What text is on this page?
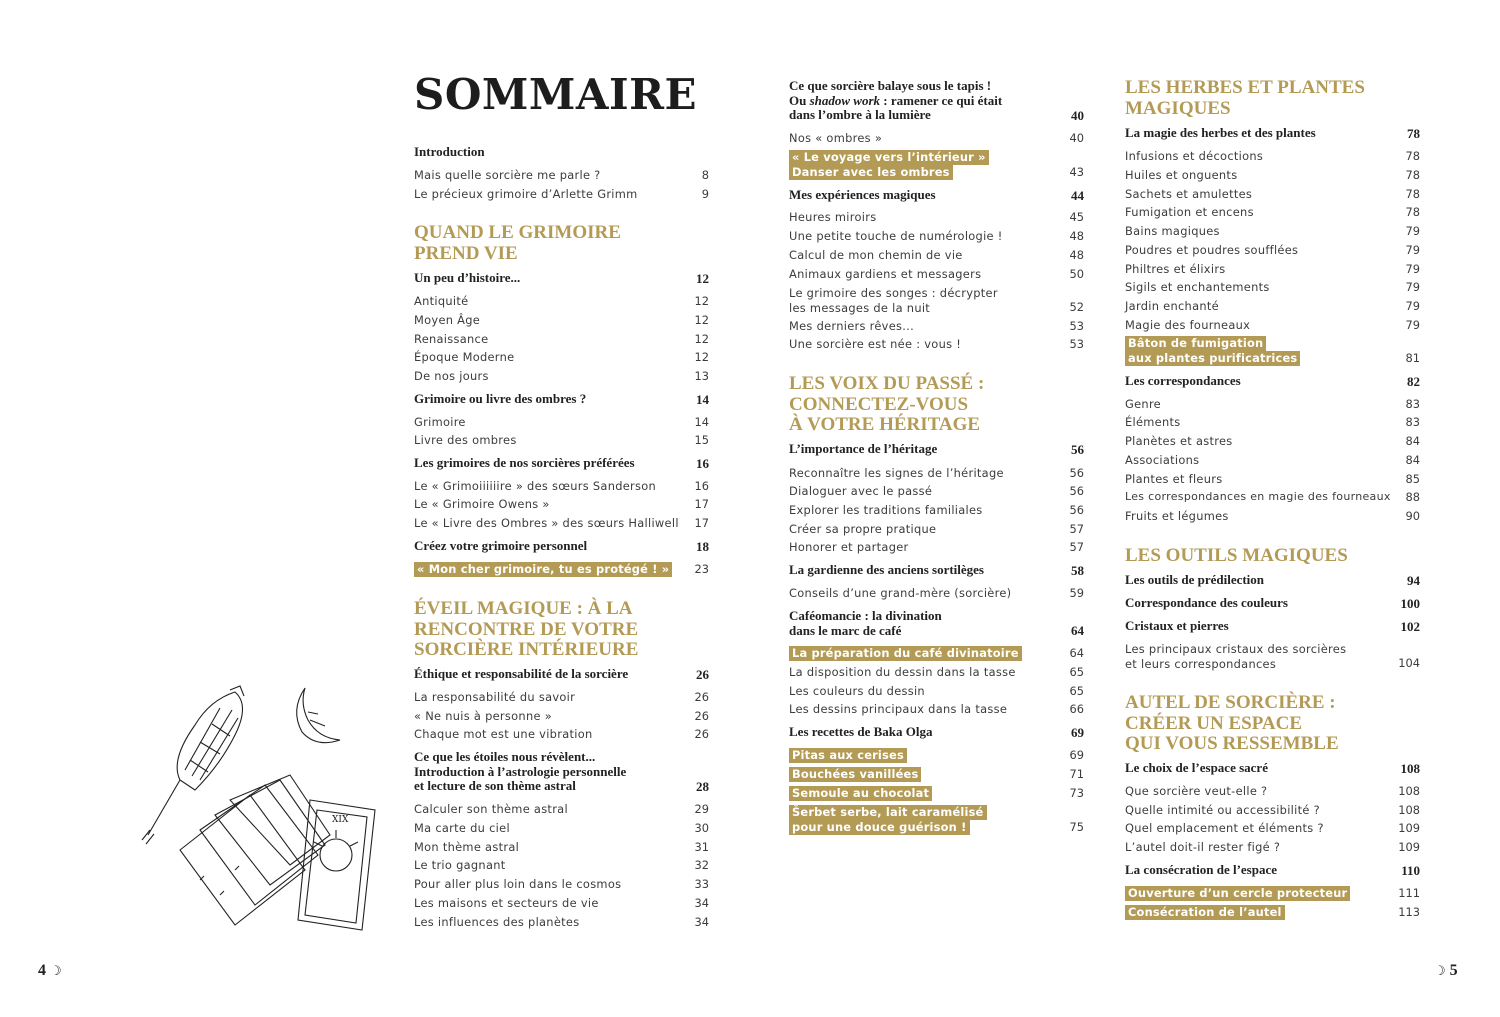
SOMMAIRE
Introduction
Mais quelle sorcière me parle ?	8
Le précieux grimoire d’Arlette Grimm	9
QUAND LE GRIMOIRE
PREND VIE
Un peu d’histoire...	12
Antiquité	12
Moyen Âge	12
Renaissance	12
Époque Moderne	12
De nos jours	13
Grimoire ou livre des ombres ?	14
Grimoire	14
Livre des ombres	15
Les grimoires de nos sorcières préférées	16
Le « Grimoiiiiiire » des sœurs Sanderson	16
Le « Grimoire Owens »	17
Le « Livre des Ombres » des sœurs Halliwell	17
Créez votre grimoire personnel	18
« Mon cher grimoire, tu es protégé ! »	23
ÉVEIL MAGIQUE : À LA
RENCONTRE DE VOTRE
SORCIÈRE INTÉRIEURE
Éthique et responsabilité de la sorcière	26
La responsabilité du savoir	26
« Ne nuis à personne »	26
Chaque mot est une vibration	26
Ce que les étoiles nous révèlent...
Introduction à l’astrologie personnelle
et lecture de son thème astral	28
Calculer son thème astral	29
Ma carte du ciel	30
Mon thème astral	31
Le trio gagnant	32
Pour aller plus loin dans le cosmos	33
Les maisons et secteurs de vie	34
Les influences des planètes	34
Ce que sorcière balaye sous le tapis !
Ou shadow work : ramener ce qui était
dans l’ombre à la lumière	40
Nos « ombres »	40
« Le voyage vers l’intérieur »
Danser avec les ombres	43
Mes expériences magiques	44
Heures miroirs	45
Une petite touche de numérologie !	48
Calcul de mon chemin de vie	48
Animaux gardiens et messagers	50
Le grimoire des songes : décrypter
les messages de la nuit	52
Mes derniers rêves...	53
Une sorcière est née : vous !	53
LES VOIX DU PASSÉ :
CONNECTEZ-VOUS
À VOTRE HÉRITAGE
L’importance de l’héritage	56
Reconnaître les signes de l’héritage	56
Dialoguer avec le passé	56
Explorer les traditions familiales	56
Créer sa propre pratique	57
Honorer et partager	57
La gardienne des anciens sortilèges	58
Conseils d’une grand-mère (sorcière)	59
Caféomancie : la divination
dans le marc de café	64
La préparation du café divinatoire	64
La disposition du dessin dans la tasse	65
Les couleurs du dessin	65
Les dessins principaux dans la tasse	66
Les recettes de Baka Olga	69
Pitas aux cerises	69
Bouchées vanillées	71
Semoule au chocolat	73
Šerbet serbe, lait caramélisé
pour une douce guérison !	75
LES HERBES ET PLANTES
MAGIQUES
La magie des herbes et des plantes	78
Infusions et décoctions	78
Huiles et onguents	78
Sachets et amulettes	78
Fumigation et encens	78
Bains magiques	79
Poudres et poudres soufflées	79
Philtres et élixirs	79
Sigils et enchantements	79
Jardin enchanté	79
Magie des fourneaux	79
Bâton de fumigation
aux plantes purificatrices	81
Les correspondances	82
Genre	83
Éléments	83
Planètes et astres	84
Associations	84
Plantes et fleurs	85
Les correspondances en magie des fourneaux	88
Fruits et légumes	90
LES OUTILS MAGIQUES
Les outils de prédilection	94
Correspondance des couleurs	100
Cristaux et pierres	102
Les principaux cristaux des sorcières
et leurs correspondances	104
AUTEL DE SORCIÈRE :
CRÉER UN ESPACE
QUI VOUS RESSEMBLE
Le choix de l’espace sacré	108
Que sorcière veut-elle ?	108
Quelle intimité ou accessibilité ?	108
Quel emplacement et éléments ?	109
L’autel doit-il rester figé ?	109
La consécration de l’espace	110
Ouverture d’un cercle protecteur	111
Consécration de l’autel	113
XIX
4 ☽	☽ 5
